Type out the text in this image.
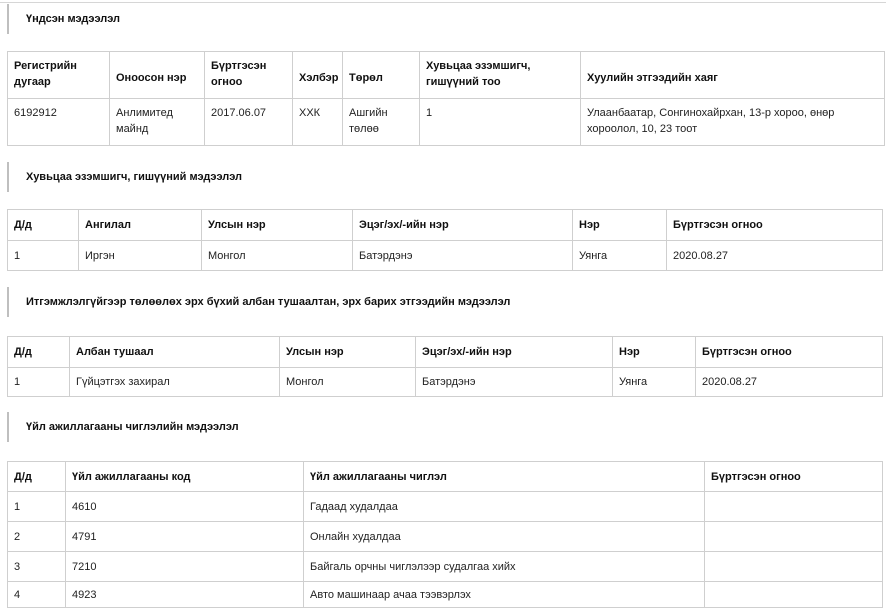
Үндсэн мэдээлэл
Регистрийн дугаар	Оноосон нэр	Бүртгэсэн огноо	Хэлбэр	Төрөл	Хувьцаа эзэмшигч, гишүүний тоо	Хуулийн этгээдийн хаяг
6192912	Анлимитед майнд	2017.06.07	ХХК	Ашгийн төлөө	1	Улаанбаатар, Сонгинохайрхан, 13-р хороо, өнөр хороолол, 10, 23 тоот
Хувьцаа эзэмшигч, гишүүний мэдээлэл
Д/д	Ангилал	Улсын нэр	Эцэг/эх/-ийн нэр	Нэр	Бүртгэсэн огноо
1	Иргэн	Монгол	Батэрдэнэ	Уянга	2020.08.27
Итгэмжлэлгүйгээр төлөөлөх эрх бүхий албан тушаалтан, эрх барих этгээдийн мэдээлэл
Д/д	Албан тушаал	Улсын нэр	Эцэг/эх/-ийн нэр	Нэр	Бүртгэсэн огноо
1	Гүйцэтгэх захирал	Монгол	Батэрдэнэ	Уянга	2020.08.27
Үйл ажиллагааны чиглэлийн мэдээлэл
Д/д	Үйл ажиллагааны код	Үйл ажиллагааны чиглэл	Бүртгэсэн огноо
1	4610	Гадаад худалдаа	
2	4791	Онлайн худалдаа	
3	7210	Байгаль орчны чиглэлээр судалгаа хийх	
4	4923	Авто машинаар ачаа тээвэрлэх	
